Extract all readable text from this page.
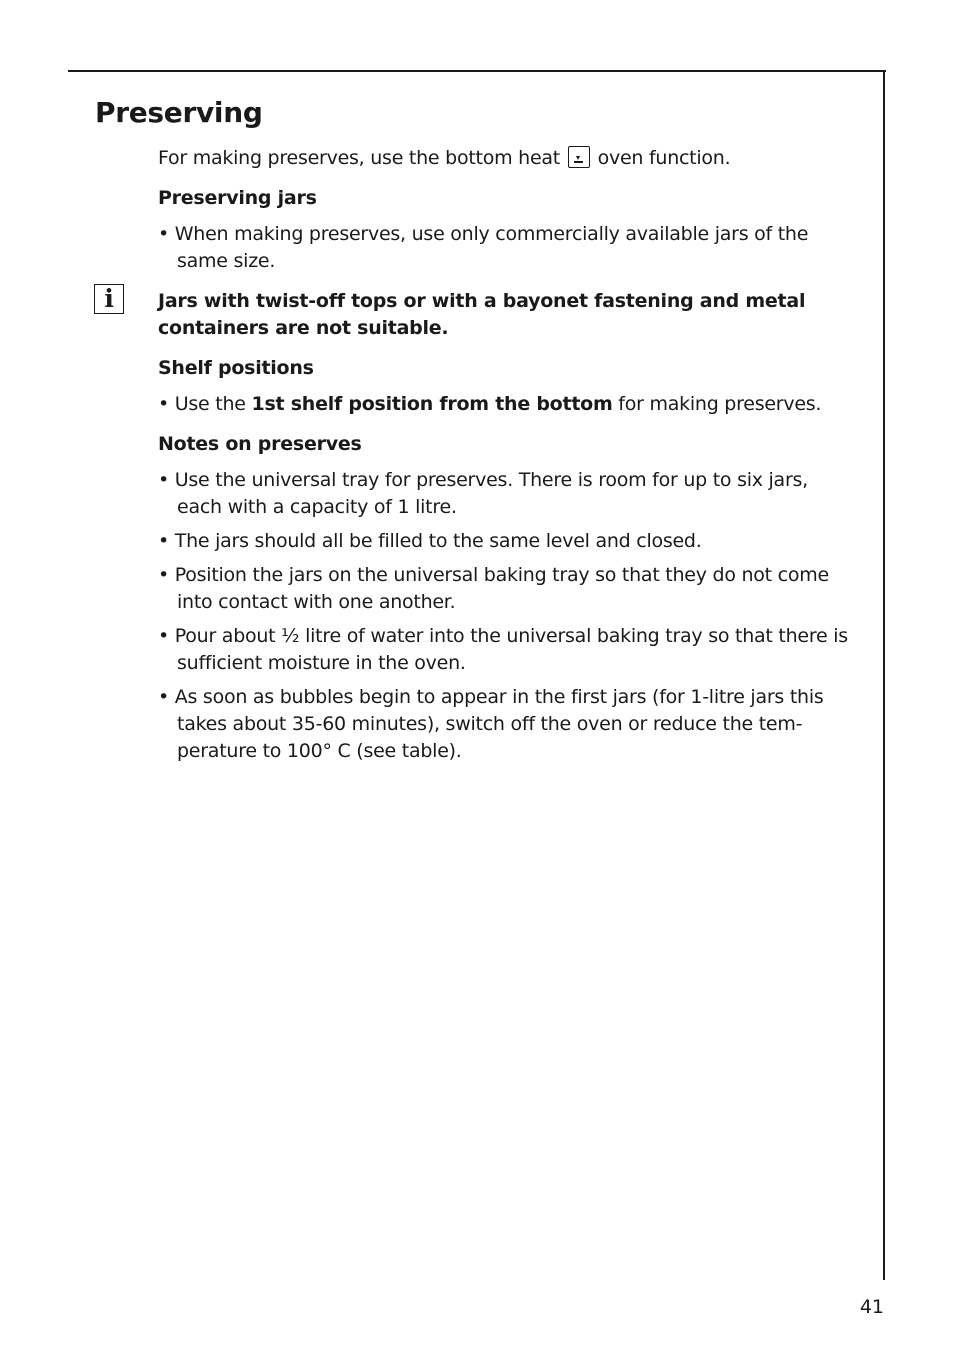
Preserving

For making preserves, use the bottom heat  oven function.

Preserving jars

• When making preserves, use only commercially available jars of the same size.

i	Jars with twist-off tops or with a bayonet fastening and metal containers are not suitable.

Shelf positions

• Use the 1st shelf position from the bottom for making preserves.

Notes on preserves

• Use the universal tray for preserves. There is room for up to six jars, each with a capacity of 1 litre.

• The jars should all be filled to the same level and closed.

• Position the jars on the universal baking tray so that they do not come into contact with one another.

• Pour about ½ litre of water into the universal baking tray so that there is sufficient moisture in the oven.

• As soon as bubbles begin to appear in the first jars (for 1-litre jars this takes about 35-60 minutes), switch off the oven or reduce the tem-perature to 100° C (see table).

41
